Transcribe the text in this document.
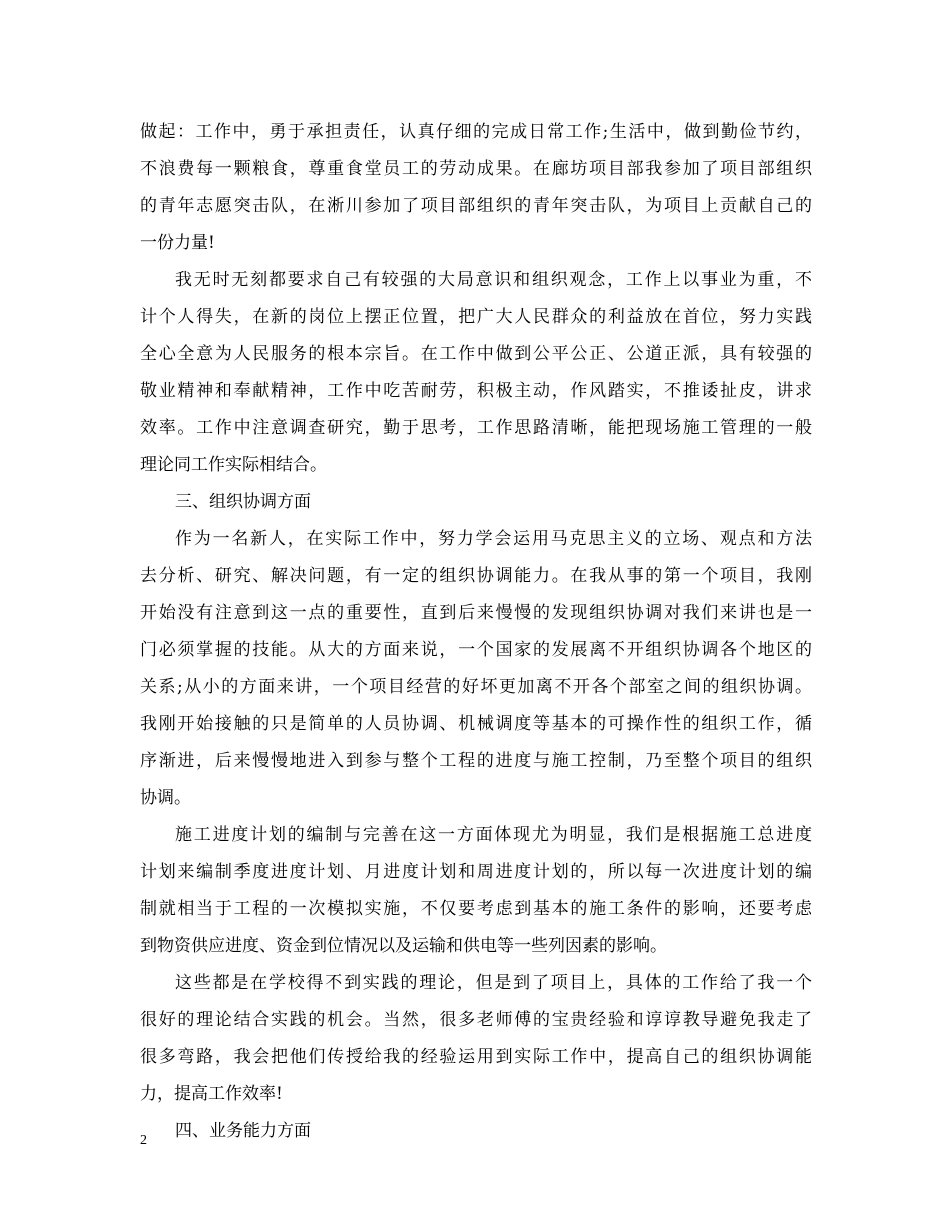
做起：工作中，勇于承担责任，认真仔细的完成日常工作;生活中，做到勤俭节约，
不浪费每一颗粮食，尊重食堂员工的劳动成果。在廊坊项目部我参加了项目部组织
的青年志愿突击队，在淅川参加了项目部组织的青年突击队，为项目上贡献自己的
一份力量!
我无时无刻都要求自己有较强的大局意识和组织观念，工作上以事业为重，不
计个人得失，在新的岗位上摆正位置，把广大人民群众的利益放在首位，努力实践
全心全意为人民服务的根本宗旨。在工作中做到公平公正、公道正派，具有较强的
敬业精神和奉献精神，工作中吃苦耐劳，积极主动，作风踏实，不推诿扯皮，讲求
效率。工作中注意调查研究，勤于思考，工作思路清晰，能把现场施工管理的一般
理论同工作实际相结合。
三、组织协调方面
作为一名新人，在实际工作中，努力学会运用马克思主义的立场、观点和方法
去分析、研究、解决问题，有一定的组织协调能力。在我从事的第一个项目，我刚
开始没有注意到这一点的重要性，直到后来慢慢的发现组织协调对我们来讲也是一
门必须掌握的技能。从大的方面来说，一个国家的发展离不开组织协调各个地区的
关系;从小的方面来讲，一个项目经营的好坏更加离不开各个部室之间的组织协调。
我刚开始接触的只是简单的人员协调、机械调度等基本的可操作性的组织工作，循
序渐进，后来慢慢地进入到参与整个工程的进度与施工控制，乃至整个项目的组织
协调。
施工进度计划的编制与完善在这一方面体现尤为明显，我们是根据施工总进度
计划来编制季度进度计划、月进度计划和周进度计划的，所以每一次进度计划的编
制就相当于工程的一次模拟实施，不仅要考虑到基本的施工条件的影响，还要考虑
到物资供应进度、资金到位情况以及运输和供电等一些列因素的影响。
这些都是在学校得不到实践的理论，但是到了项目上，具体的工作给了我一个
很好的理论结合实践的机会。当然，很多老师傅的宝贵经验和谆谆教导避免我走了
很多弯路，我会把他们传授给我的经验运用到实际工作中，提高自己的组织协调能
力，提高工作效率!
四、业务能力方面
2
